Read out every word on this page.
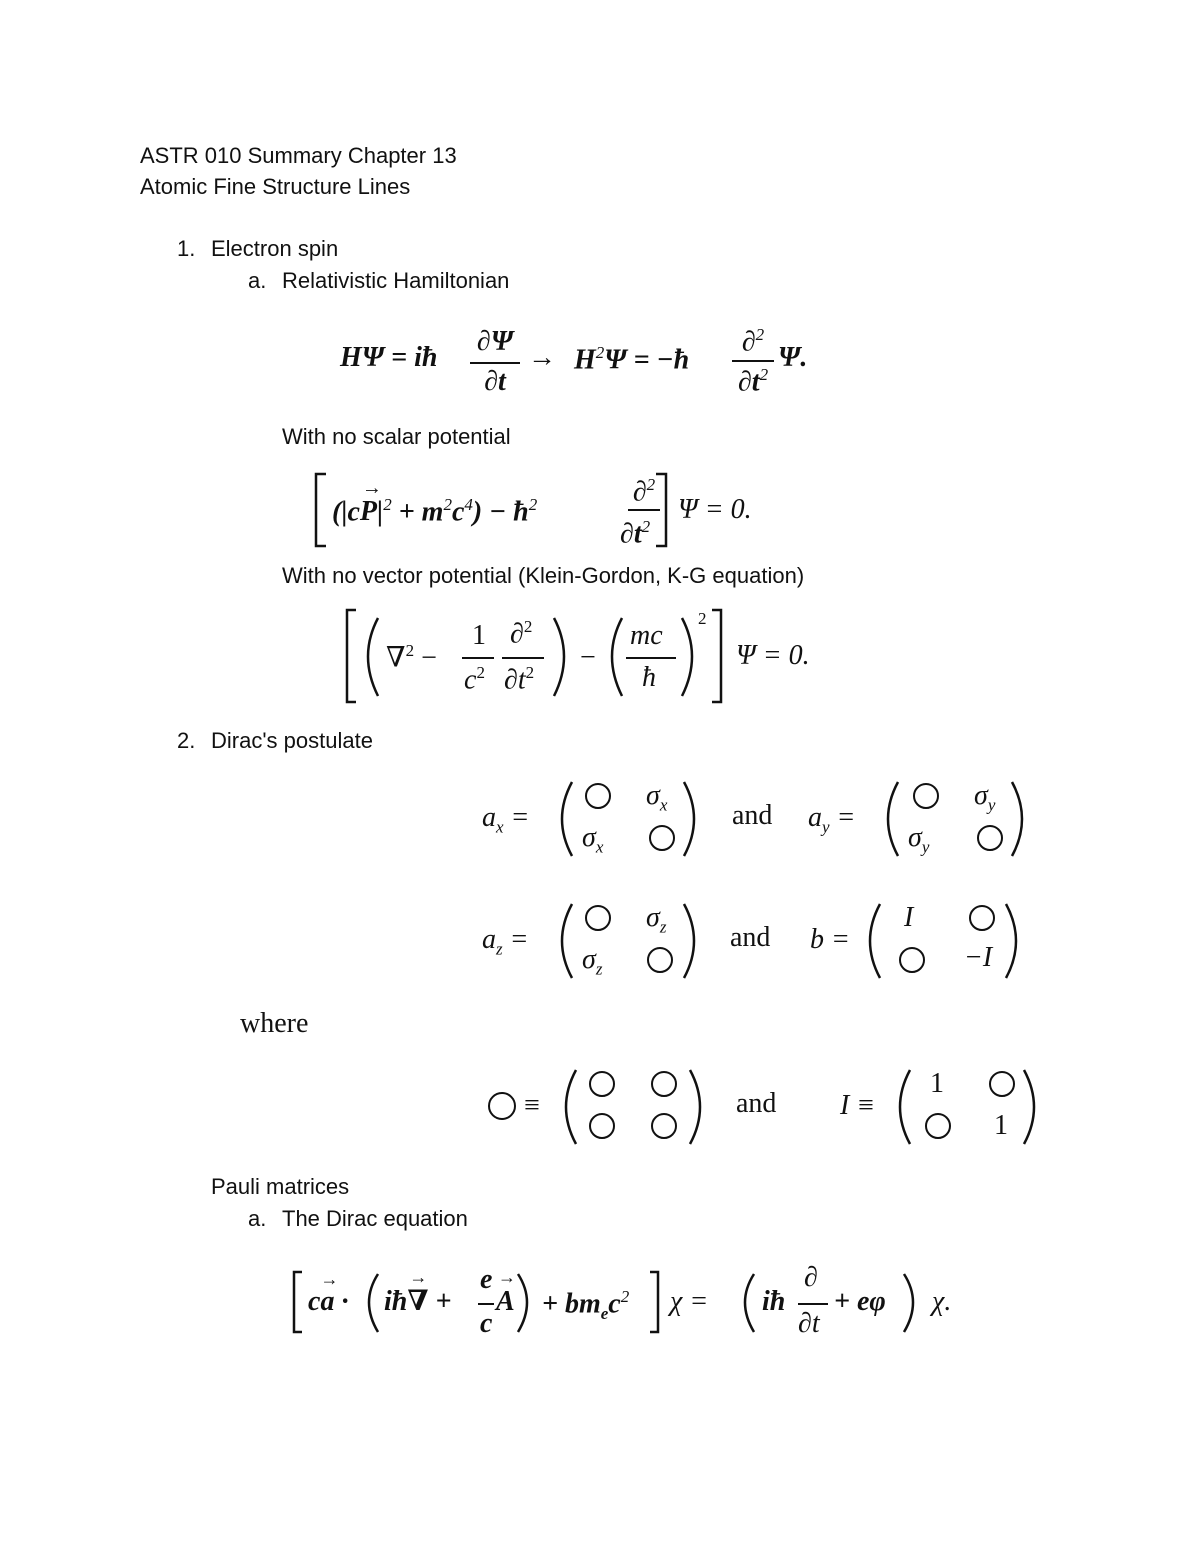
ASTR 010 Summary Chapter 13
Atomic Fine Structure Lines
1. Electron spin
a. Relativistic Hamiltonian
HΨ = iħ
∂Ψ
∂t
→ $H^2\Psi$ = −ħ
∂$^2$
$\partial t^2$
Ψ.
With no scalar potential
(|cP
→
$|^2 + m^2c^4$) − $ħ^2$	∂$^2$
$\partial t^2$
Ψ = 0.
With no vector potential (Klein-Gordon, K-G equation)
∇$^2$ −
1
$c^2$
∂$^2$
$\partial t^2$ −
mc
ħ
2
Ψ = 0.
2. Dirac's postulate
$a_x$ =
$\sigma_x$
$\sigma_x$
and $a_y$ =
$\sigma_y$
$\sigma_y$
$a_z$ =
$\sigma_z$
$\sigma_z$
and b =
I
−I
where
≡	and I ≡
1
1
Pauli matrices
a. The Dirac equation
ca
→
· iħ∇
→
+
e
c
A
→
+ $bm_ec^2$ χ = iħ
∂
∂t
+ eφ χ.
